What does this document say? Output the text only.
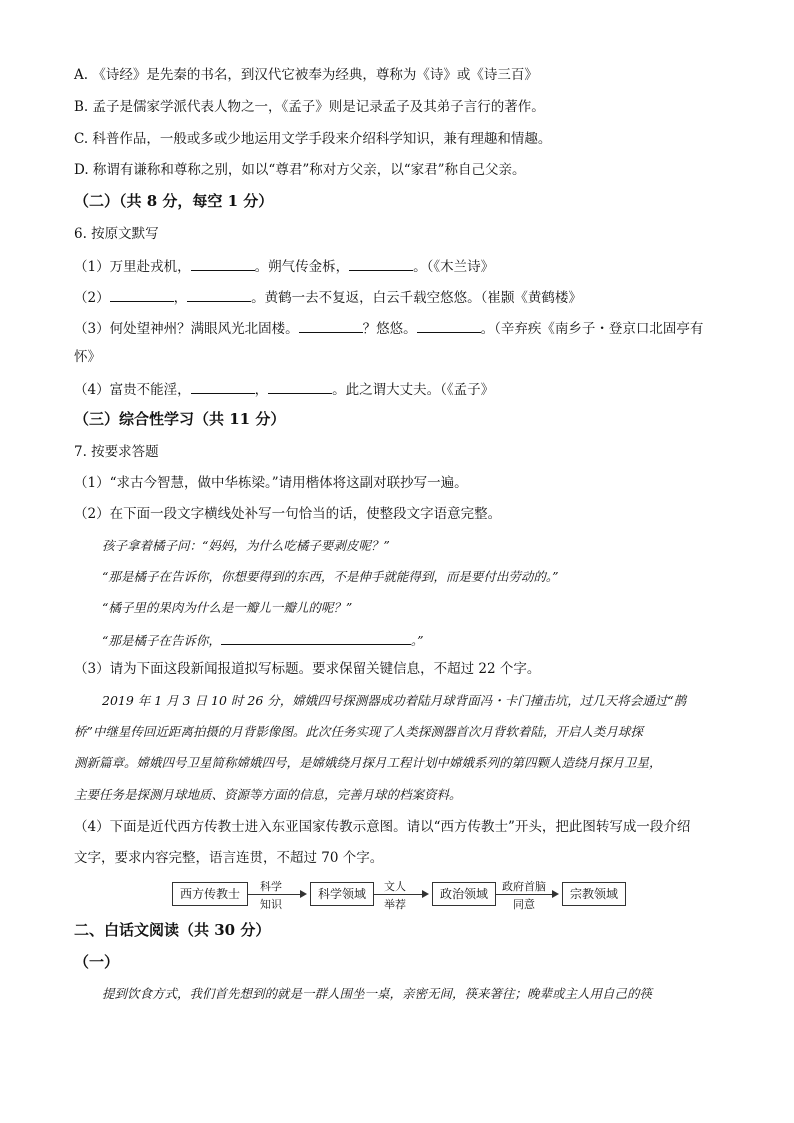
A. 《诗经》是先秦的书名，到汉代它被奉为经典，尊称为《诗》或《诗三百》
B. 孟子是儒家学派代表人物之一，《孟子》则是记录孟子及其弟子言行的著作。
C. 科普作品，一般或多或少地运用文学手段来介绍科学知识，兼有理趣和情趣。
D. 称谓有谦称和尊称之别，如以“尊君”称对方父亲，以“家君”称自己父亲。
（二）（共 8 分，每空 1 分）
6. 按原文默写
（1）万里赴戎机，	。朔气传金柝，	。（《木兰诗》
（2）	，	。黄鹤一去不复返，白云千载空悠悠。（崔颢《黄鹤楼》
（3）何处望神州？满眼风光北固楼。	？悠悠。	。（辛弃疾《南乡子・登京口北固亭有
怀》
（4）富贵不能淫，	，	。此之谓大丈夫。（《孟子》
（三）综合性学习（共 11 分）
7. 按要求答题
（1）“求古今智慧，做中华栋梁。”请用楷体将这副对联抄写一遍。
（2）在下面一段文字横线处补写一句恰当的话，使整段文字语意完整。
孩子拿着橘子问：“妈妈，为什么吃橘子要剥皮呢？”
“那是橘子在告诉你，你想要得到的东西，不是伸手就能得到，而是要付出劳动的。”
“橘子里的果肉为什么是一瓣儿一瓣儿的呢？”
“那是橘子在告诉你，	。”
（3）请为下面这段新闻报道拟写标题。要求保留关键信息，不超过 22 个字。
2019 年 1 月 3 日 10 时 26 分，嫦娥四号探测器成功着陆月球背面冯・卡门撞击坑，过几天将会通过“鹊
桥”中继星传回近距离拍摄的月背影像图。此次任务实现了人类探测器首次月背软着陆，开启人类月球探
测新篇章。嫦娥四号卫星简称嫦娥四号，是嫦娥绕月探月工程计划中嫦娥系列的第四颗人造绕月探月卫星，
主要任务是探测月球地质、资源等方面的信息，完善月球的档案资料。
（4）下面是近代西方传教士进入东亚国家传教示意图。请以“西方传教士”开头，把此图转写成一段介绍
文字，要求内容完整，语言连贯，不超过 70 个字。
西方传教士
科学
知识
科学领域
文人
举荐
政治领域
政府首脑
同意
宗教领域
二、白话文阅读（共 30 分）
（一）
提到饮食方式，我们首先想到的就是一群人围坐一桌，亲密无间，筷来箸往；晚辈或主人用自己的筷
